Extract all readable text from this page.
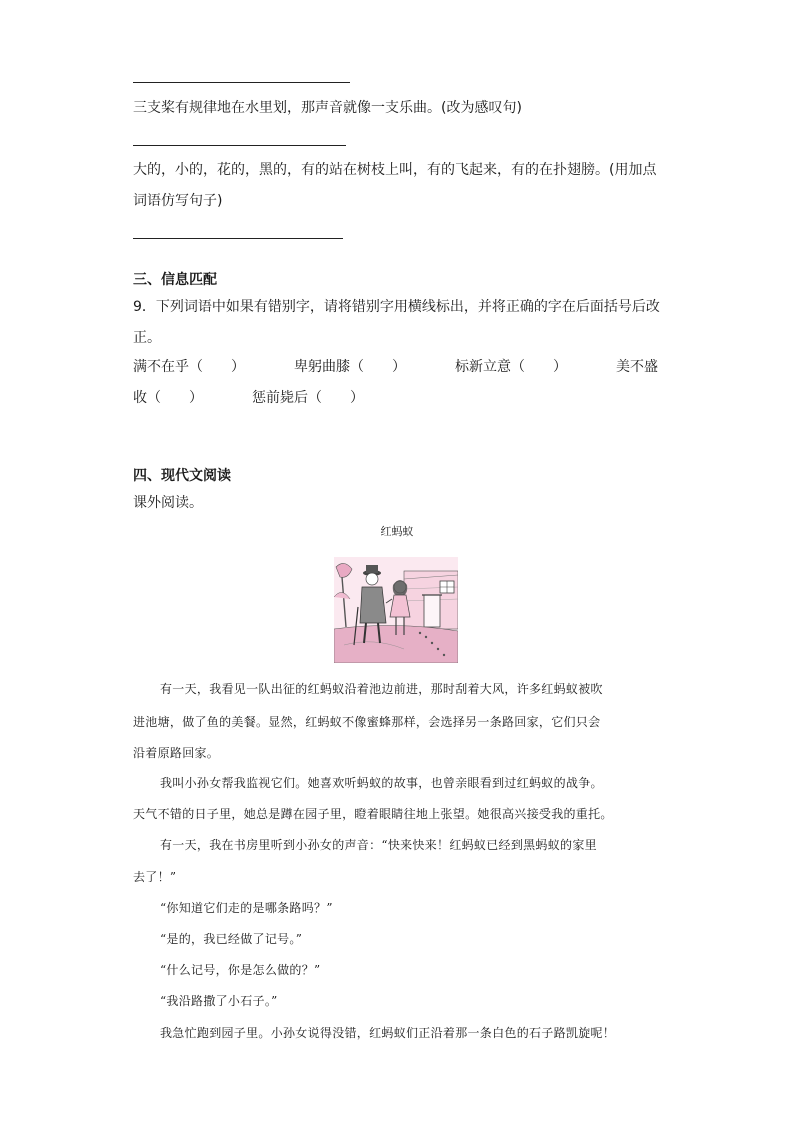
三支桨有规律地在水里划，那声音就像一支乐曲。(改为感叹句)
大的，小的，花的，黑的，有的站在树枝上叫，有的飞起来，有的在扑翅膀。(用加点
词语仿写句子)
三、信息匹配
9．下列词语中如果有错别字，请将错别字用横线标出，并将正确的字在后面括号后改
正。
满不在乎（　　）	卑躬曲膝（　　）	标新立意（　　）	美不盛
收（　　）	惩前毙后（　　）
四、现代文阅读
课外阅读。
红蚂蚁
有一天，我看见一队出征的红蚂蚁沿着池边前进，那时刮着大风，许多红蚂蚁被吹
进池塘，做了鱼的美餐。显然，红蚂蚁不像蜜蜂那样，会选择另一条路回家，它们只会
沿着原路回家。
我叫小孙女帮我监视它们。她喜欢听蚂蚁的故事，也曾亲眼看到过红蚂蚁的战争。
天气不错的日子里，她总是蹲在园子里，瞪着眼睛往地上张望。她很高兴接受我的重托。
有一天，我在书房里听到小孙女的声音：“快来快来！红蚂蚁已经到黑蚂蚁的家里
去了！”
“你知道它们走的是哪条路吗？”
“是的，我已经做了记号。”
“什么记号，你是怎么做的？”
“我沿路撒了小石子。”
我急忙跑到园子里。小孙女说得没错，红蚂蚁们正沿着那一条白色的石子路凯旋呢！
